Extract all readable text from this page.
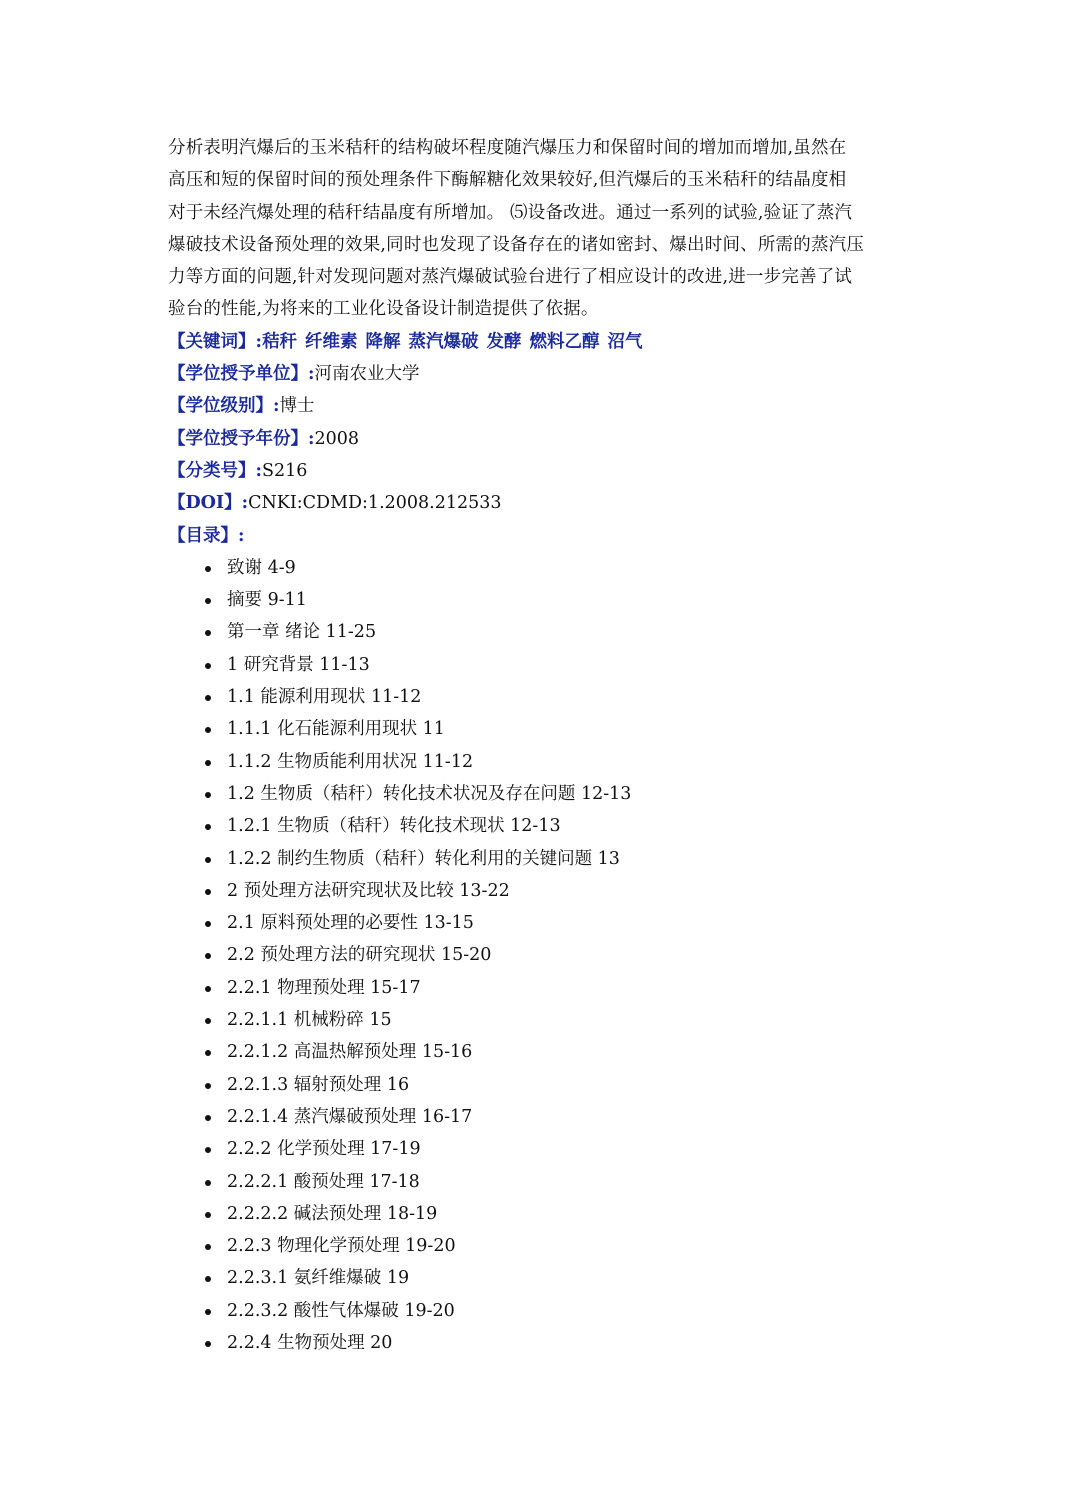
分析表明汽爆后的玉米秸秆的结构破坏程度随汽爆压力和保留时间的增加而增加,虽然在
高压和短的保留时间的预处理条件下酶解糖化效果较好,但汽爆后的玉米秸秆的结晶度相
对于未经汽爆处理的秸秆结晶度有所增加。 ⑸设备改进。通过一系列的试验,验证了蒸汽
爆破技术设备预处理的效果,同时也发现了设备存在的诸如密封、爆出时间、所需的蒸汽压
力等方面的问题,针对发现问题对蒸汽爆破试验台进行了相应设计的改进,进一步完善了试
验台的性能,为将来的工业化设备设计制造提供了依据。
【关键词】:秸秆 纤维素 降解 蒸汽爆破 发酵 燃料乙醇 沼气
【学位授予单位】:河南农业大学
【学位级别】:博士
【学位授予年份】:2008
【分类号】:S216
【DOI】:CNKI:CDMD:1.2008.212533
【目录】:
致谢 4-9
摘要 9-11
第一章 绪论 11-25
1 研究背景 11-13
1.1 能源利用现状 11-12
1.1.1 化石能源利用现状 11
1.1.2 生物质能利用状况 11-12
1.2 生物质（秸秆）转化技术状况及存在问题 12-13
1.2.1 生物质（秸秆）转化技术现状 12-13
1.2.2 制约生物质（秸秆）转化利用的关键问题 13
2 预处理方法研究现状及比较 13-22
2.1 原料预处理的必要性 13-15
2.2 预处理方法的研究现状 15-20
2.2.1 物理预处理 15-17
2.2.1.1 机械粉碎 15
2.2.1.2 高温热解预处理 15-16
2.2.1.3 辐射预处理 16
2.2.1.4 蒸汽爆破预处理 16-17
2.2.2 化学预处理 17-19
2.2.2.1 酸预处理 17-18
2.2.2.2 碱法预处理 18-19
2.2.3 物理化学预处理 19-20
2.2.3.1 氨纤维爆破 19
2.2.3.2 酸性气体爆破 19-20
2.2.4 生物预处理 20
